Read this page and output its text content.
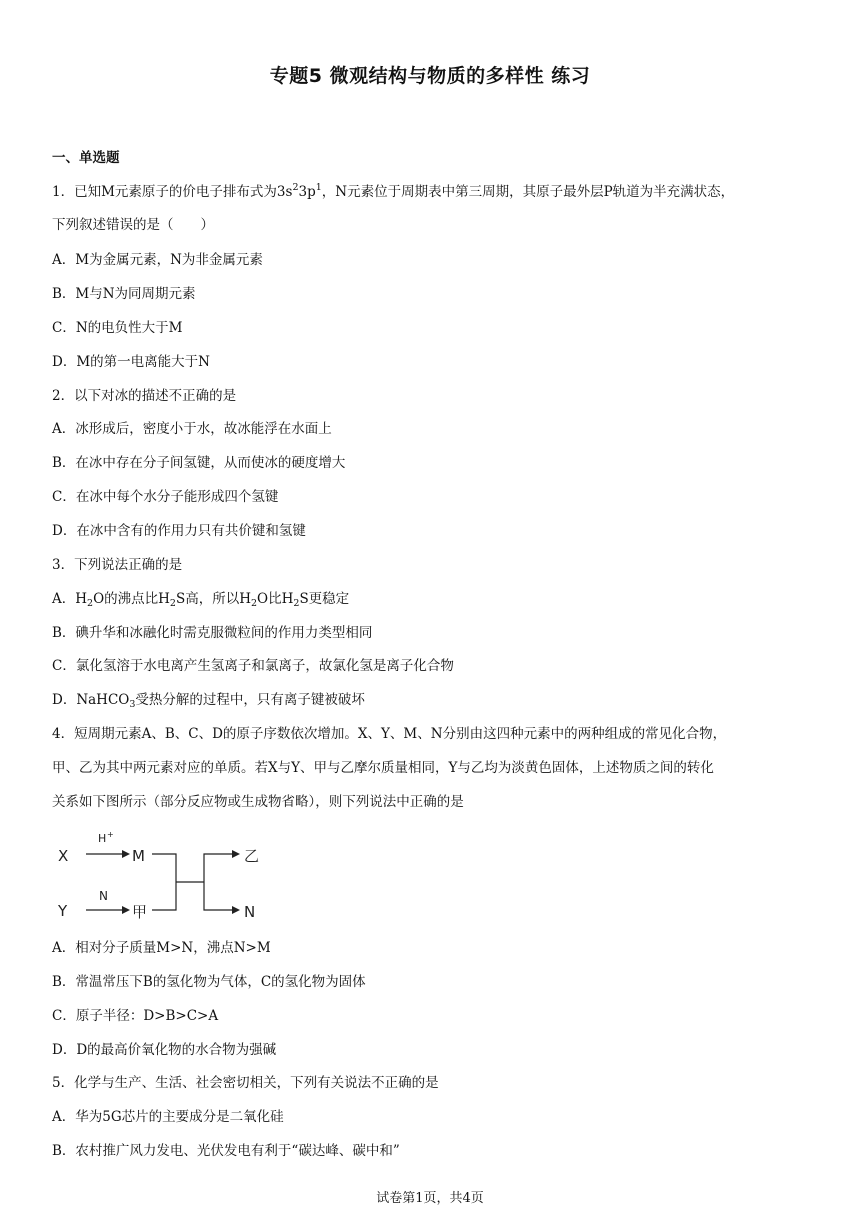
专题5 微观结构与物质的多样性 练习
一、单选题
1．已知M元素原子的价电子排布式为$3s^23p^1$，N元素位于周期表中第三周期，其原子最外层P轨道为半充满状态，
下列叙述错误的是（　　）
A．M为金属元素，N为非金属元素
B．M与N为同周期元素
C．N的电负性大于M
D．M的第一电离能大于N
2．以下对冰的描述不正确的是
A．冰形成后，密度小于水，故冰能浮在水面上
B．在冰中存在分子间氢键，从而使冰的硬度增大
C．在冰中每个水分子能形成四个氢键
D．在冰中含有的作用力只有共价键和氢键
3．下列说法正确的是
A．$H_2O$的沸点比$H_2S$高，所以$H_2O$比$H_2S$更稳定
B．碘升华和冰融化时需克服微粒间的作用力类型相同
C．氯化氢溶于水电离产生氢离子和氯离子，故氯化氢是离子化合物
D．NaHCO$_3$受热分解的过程中，只有离子键被破坏
4．短周期元素A、B、C、D的原子序数依次增加。X、Y、M、N分别由这四种元素中的两种组成的常见化合物，
甲、乙为其中两元素对应的单质。若X与Y、甲与乙摩尔质量相同，Y与乙均为淡黄色固体，上述物质之间的转化
关系如下图所示（部分反应物或生成物省略），则下列说法中正确的是
X
H +
M
Y
N
甲
乙
N
A．相对分子质量M>N，沸点N>M
B．常温常压下B的氢化物为气体，C的氢化物为固体
C．原子半径：D>B>C>A
D．D的最高价氧化物的水合物为强碱
5．化学与生产、生活、社会密切相关，下列有关说法不正确的是
A．华为5G芯片的主要成分是二氧化硅
B．农村推广风力发电、光伏发电有利于“碳达峰、碳中和”
试卷第1页，共4页
